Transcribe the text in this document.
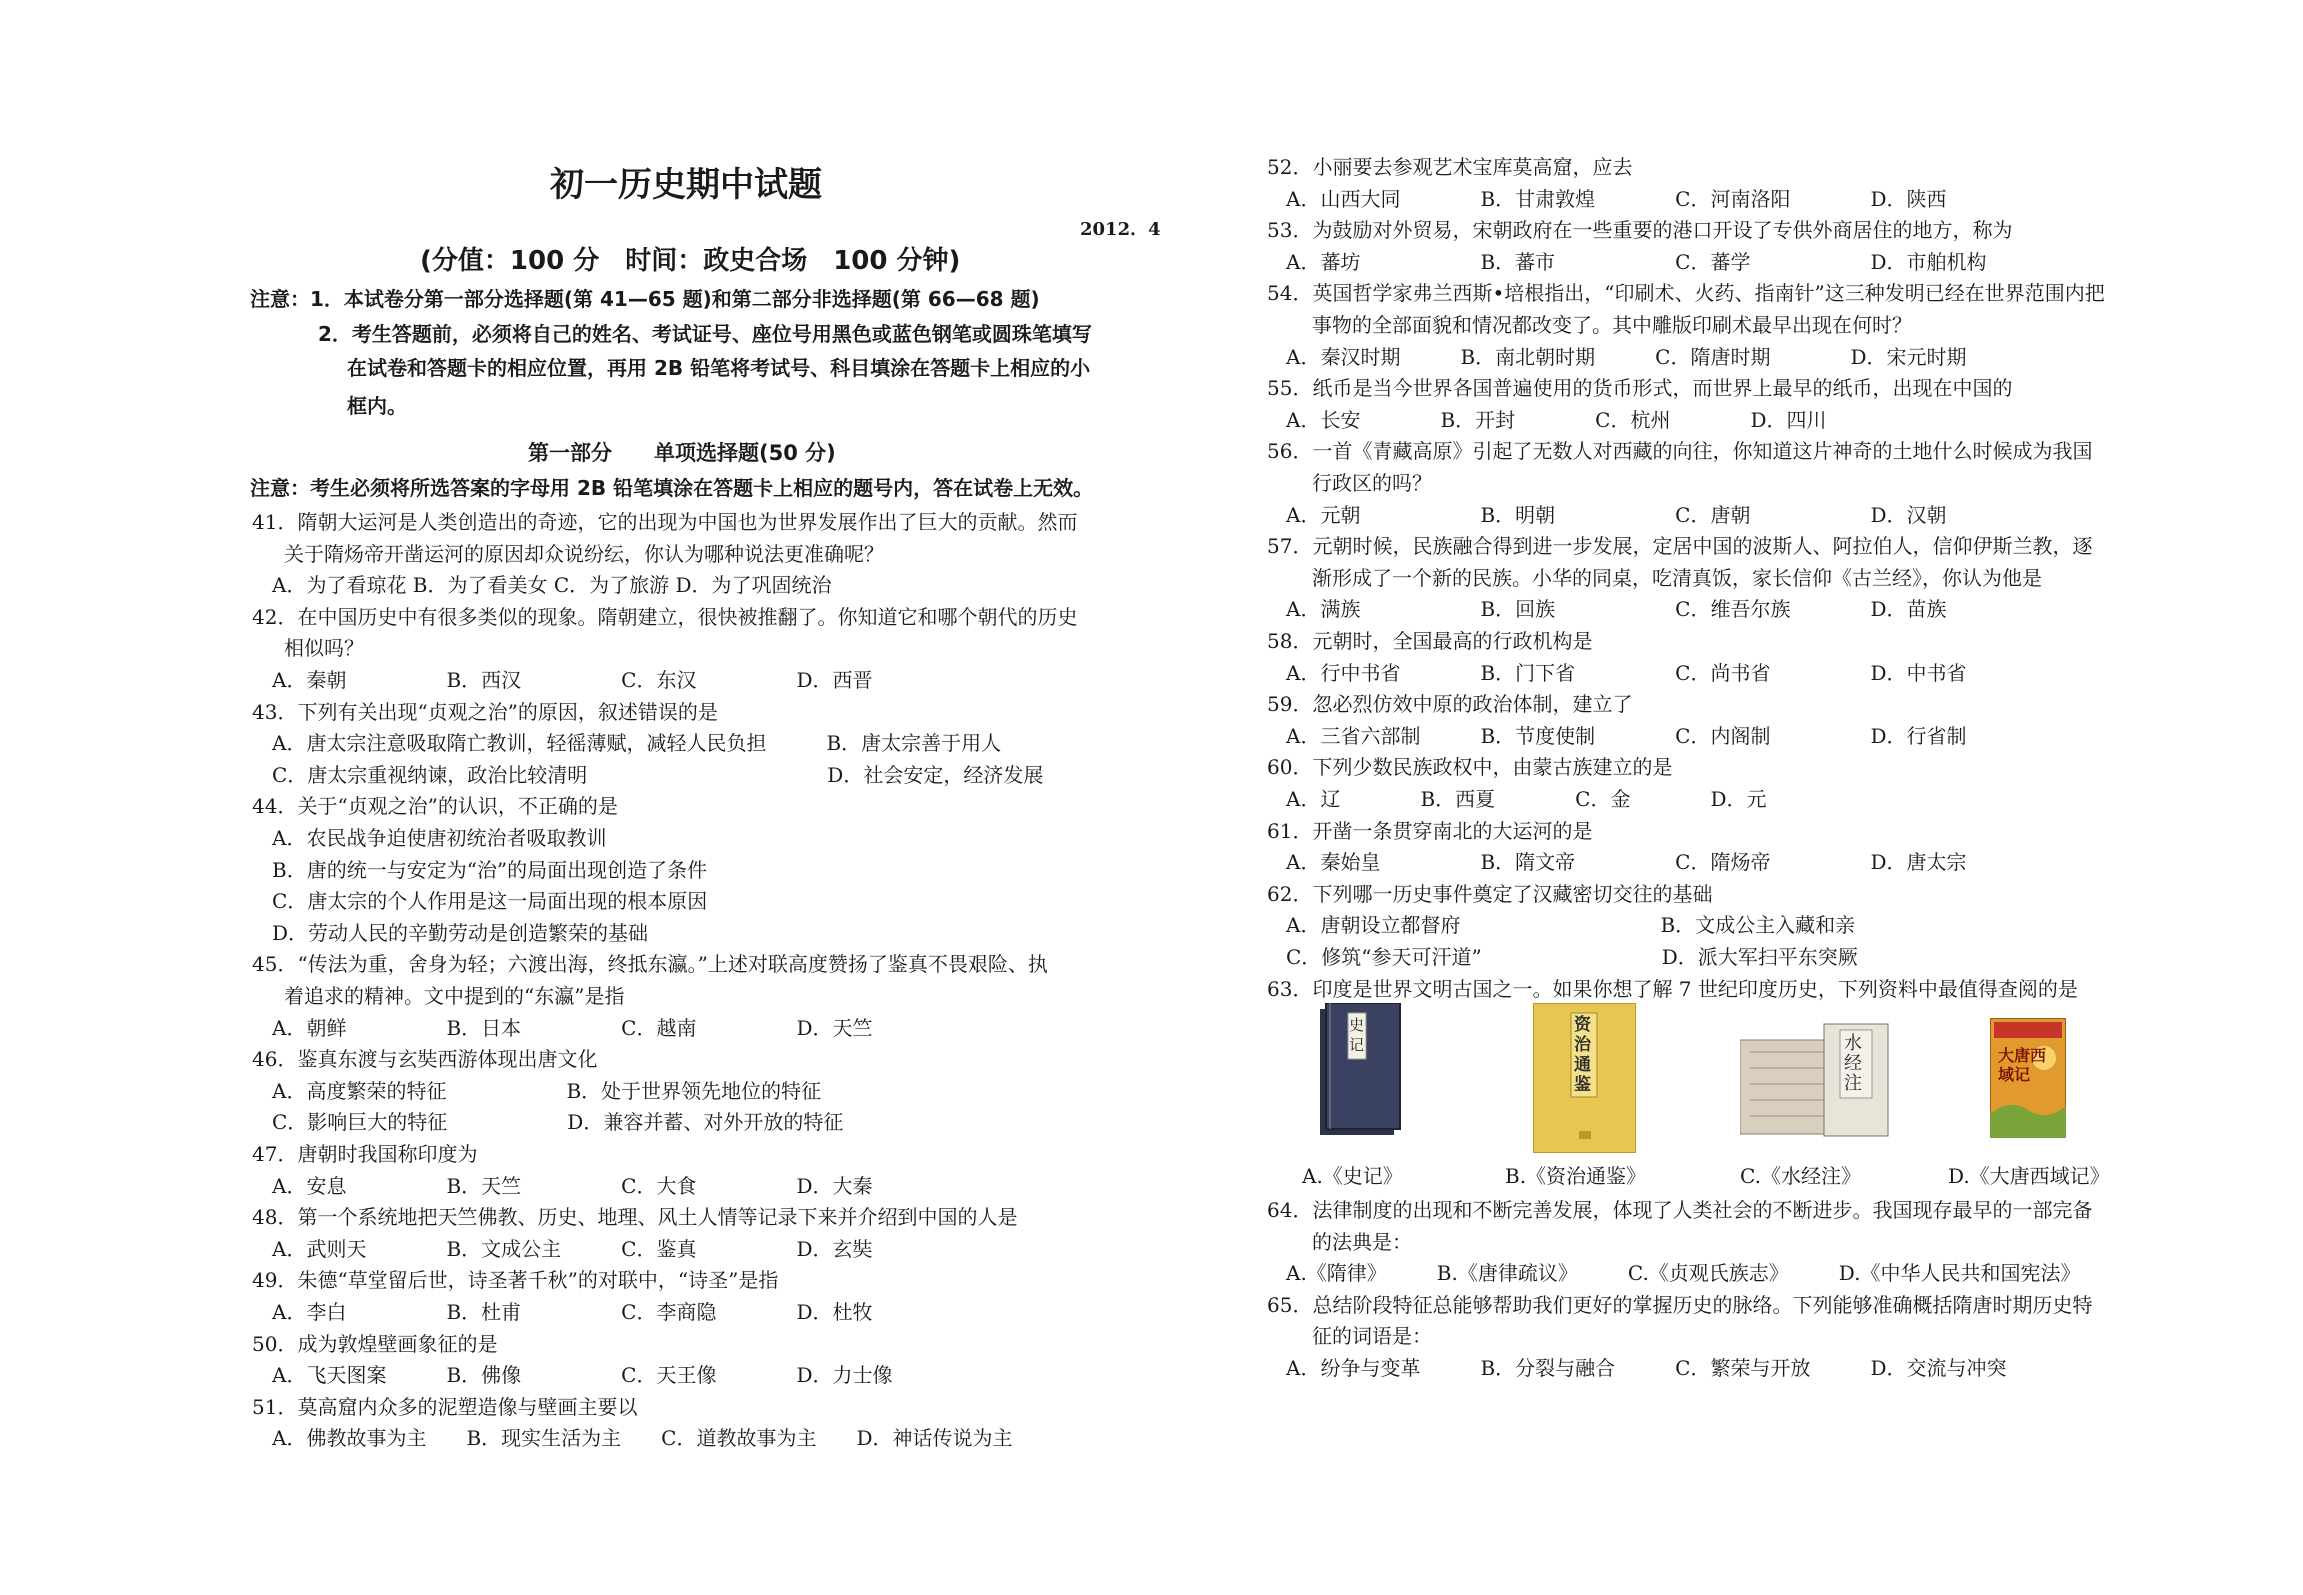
初一历史期中试题
2012．4
(分值：100 分　时间：政史合场　100 分钟)
注意：1．本试卷分第一部分选择题(第 41—65 题)和第二部分非选择题(第 66—68 题)
2．考生答题前，必须将自己的姓名、考试证号、座位号用黑色或蓝色钢笔或圆珠笔填写
在试卷和答题卡的相应位置，再用 2B 铅笔将考试号、科目填涂在答题卡上相应的小
框内。
第一部分　　单项选择题(50 分)
注意：考生必须将所选答案的字母用 2B 铅笔填涂在答题卡上相应的题号内，答在试卷上无效。
41．隋朝大运河是人类创造出的奇迹，它的出现为中国也为世界发展作出了巨大的贡献。然而
关于隋炀帝开凿运河的原因却众说纷纭，你认为哪种说法更准确呢？
A．为了看琼花 B．为了看美女 C．为了旅游 D．为了巩固统治
42．在中国历史中有很多类似的现象。隋朝建立，很快被推翻了。你知道它和哪个朝代的历史
相似吗？
A．秦朝　　　　　B．西汉　　　　　C．东汉　　　　　D．西晋
43．下列有关出现“贞观之治”的原因，叙述错误的是
A．唐太宗注意吸取隋亡教训，轻徭薄赋，减轻人民负担　　　B．唐太宗善于用人
C．唐太宗重视纳谏，政治比较清明　　　　　　　　　　　　D．社会安定，经济发展
44．关于“贞观之治”的认识，不正确的是
A．农民战争迫使唐初统治者吸取教训
B．唐的统一与安定为“治”的局面出现创造了条件
C．唐太宗的个人作用是这一局面出现的根本原因
D．劳动人民的辛勤劳动是创造繁荣的基础
45．“传法为重，舍身为轻；六渡出海，终抵东瀛。”上述对联高度赞扬了鉴真不畏艰险、执
着追求的精神。文中提到的“东瀛”是指
A．朝鲜　　　　　B．日本　　　　　C．越南　　　　　D．天竺
46．鉴真东渡与玄奘西游体现出唐文化
A．高度繁荣的特征　　　　　　B．处于世界领先地位的特征
C．影响巨大的特征　　　　　　D．兼容并蓄、对外开放的特征
47．唐朝时我国称印度为
A．安息　　　　　B．天竺　　　　　C．大食　　　　　D．大秦
48．第一个系统地把天竺佛教、历史、地理、风土人情等记录下来并介绍到中国的人是
A．武则天　　　　B．文成公主　　　C．鉴真　　　　　D．玄奘
49．朱德“草堂留后世，诗圣著千秋”的对联中，“诗圣”是指
A．李白　　　　　B．杜甫　　　　　C．李商隐　　　　D．杜牧
50．成为敦煌壁画象征的是
A．飞天图案　　　B．佛像　　　　　C．天王像　　　　D．力士像
51．莫高窟内众多的泥塑造像与壁画主要以
A．佛教故事为主　　B．现实生活为主　　C．道教故事为主　　D．神话传说为主
52．小丽要去参观艺术宝库莫高窟，应去
A．山西大同　　　　B．甘肃敦煌　　　　C．河南洛阳　　　　D．陕西
53．为鼓励对外贸易，宋朝政府在一些重要的港口开设了专供外商居住的地方，称为
A．蕃坊　　　　　　B．蕃市　　　　　　C．蕃学　　　　　　D．市舶机构
54．英国哲学家弗兰西斯•培根指出，“印刷术、火药、指南针”这三种发明已经在世界范围内把
事物的全部面貌和情况都改变了。其中雕版印刷术最早出现在何时？
A．秦汉时期　　　B．南北朝时期　　　C．隋唐时期　　　　D．宋元时期
55．纸币是当今世界各国普遍使用的货币形式，而世界上最早的纸币，出现在中国的
A．长安　　　　B．开封　　　　C．杭州　　　　D．四川
56．一首《青藏高原》引起了无数人对西藏的向往，你知道这片神奇的土地什么时候成为我国
行政区的吗？
A．元朝　　　　　　B．明朝　　　　　　C．唐朝　　　　　　D．汉朝
57．元朝时候，民族融合得到进一步发展，定居中国的波斯人、阿拉伯人，信仰伊斯兰教，逐
渐形成了一个新的民族。小华的同桌，吃清真饭，家长信仰《古兰经》，你认为他是
A．满族　　　　　　B．回族　　　　　　C．维吾尔族　　　　D．苗族
58．元朝时，全国最高的行政机构是
A．行中书省　　　　B．门下省　　　　　C．尚书省　　　　　D．中书省
59．忽必烈仿效中原的政治体制，建立了
A．三省六部制　　　B．节度使制　　　　C．内阁制　　　　　D．行省制
60．下列少数民族政权中，由蒙古族建立的是
A．辽　　　　B．西夏　　　　C．金　　　　D．元
61．开凿一条贯穿南北的大运河的是
A．秦始皇　　　　　B．隋文帝　　　　　C．隋炀帝　　　　　D．唐太宗
62．下列哪一历史事件奠定了汉藏密切交往的基础
A．唐朝设立都督府　　　　　　　　　　B．文成公主入藏和亲
C．修筑“参天可汗道”　　　　　　　　　D．派大军扫平东突厥
63．印度是世界文明古国之一。如果你想了解 7 世纪印度历史，下列资料中最值得查阅的是
史记
资治通鉴
水经注
大唐西域记
A.《史记》	B.《资治通鉴》	C.《水经注》	D.《大唐西域记》
64．法律制度的出现和不断完善发展，体现了人类社会的不断进步。我国现存最早的一部完备
的法典是：
A.《隋律》　　　B.《唐律疏议》　　　C.《贞观氏族志》　　　D.《中华人民共和国宪法》
65．总结阶段特征总能够帮助我们更好的掌握历史的脉络。下列能够准确概括隋唐时期历史特
征的词语是：
A．纷争与变革　　　B．分裂与融合　　　C．繁荣与开放　　　D．交流与冲突
